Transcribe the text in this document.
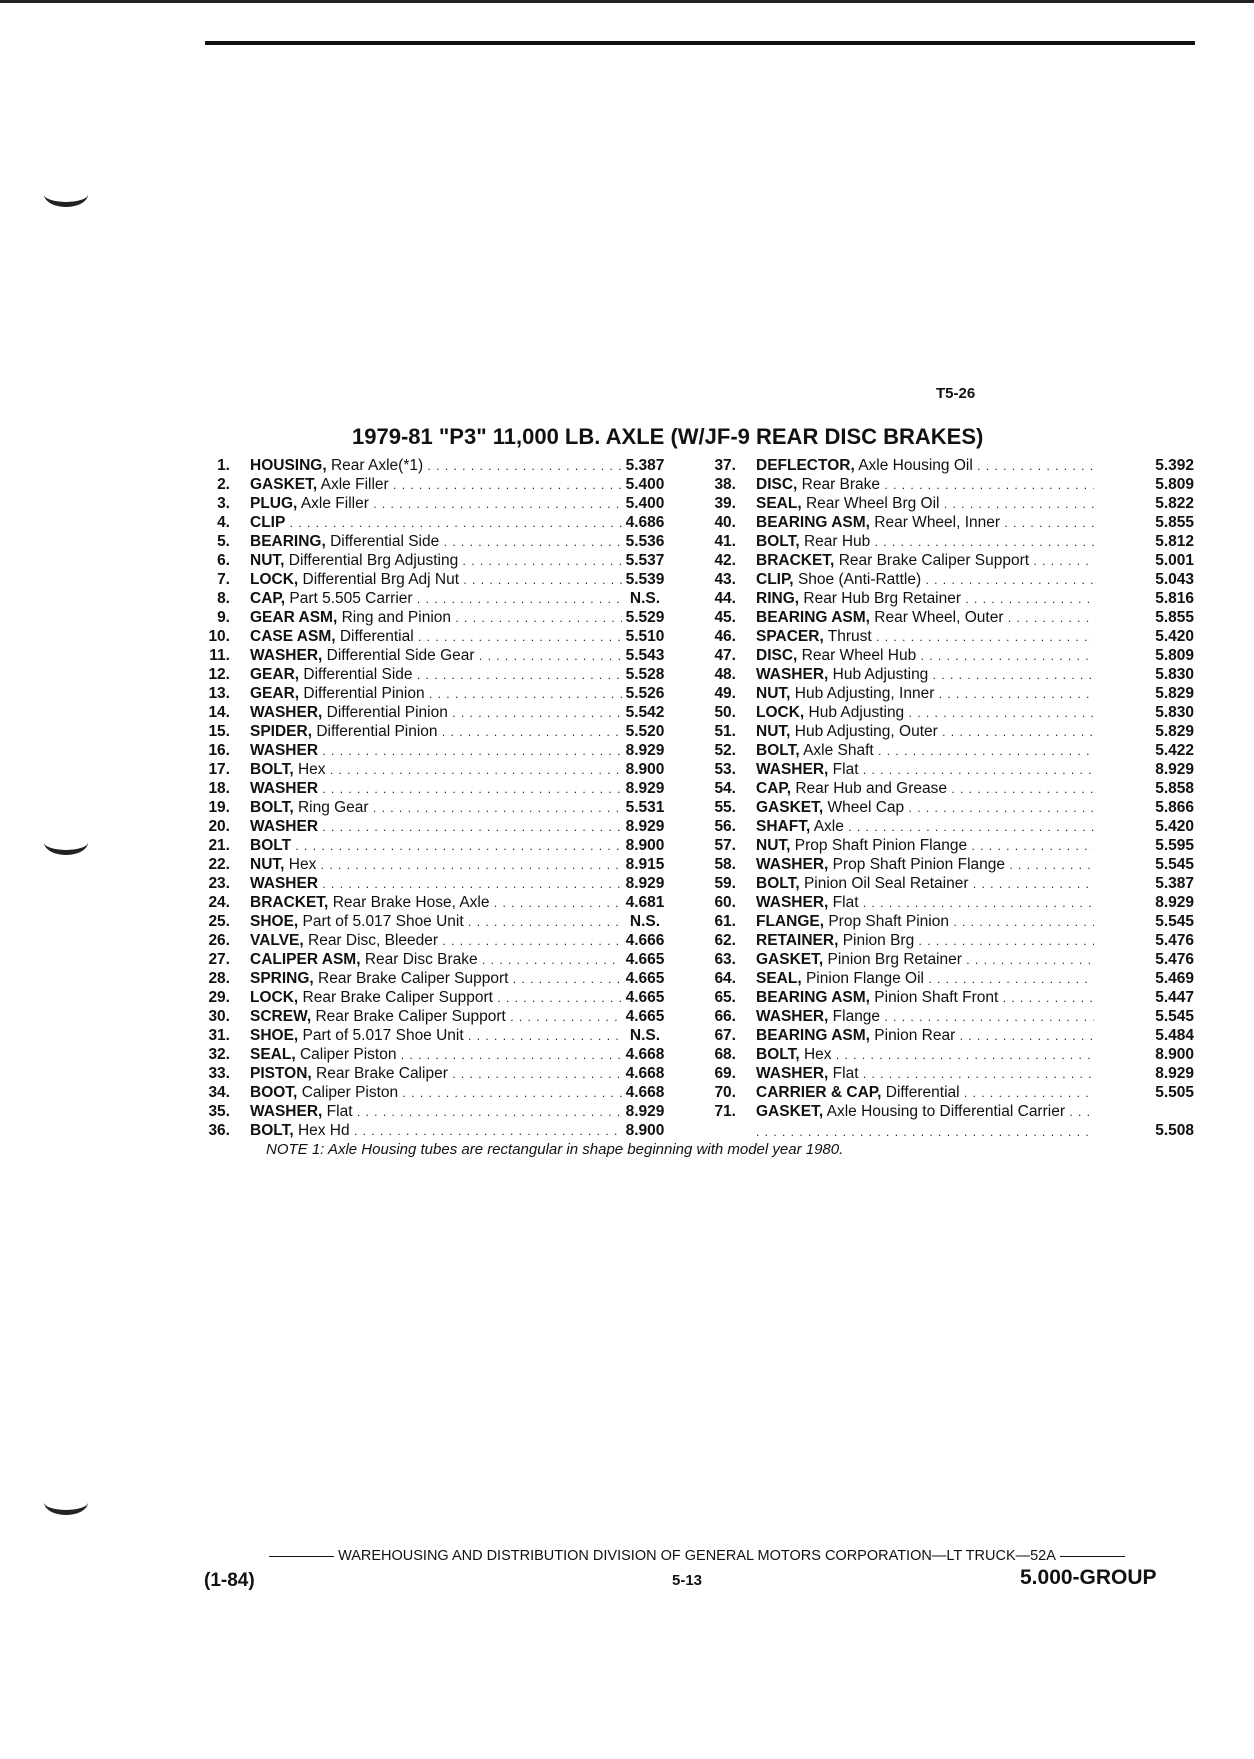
T5-26
1979-81 "P3" 11,000 LB. AXLE (W/JF-9 REAR DISC BRAKES)
1. HOUSING, Rear Axle(*1) . . .	5.387
2. GASKET, Axle Filler . . .	5.400
3. PLUG, Axle Filler . . .	5.400
4. CLIP . . .	4.686
5. BEARING, Differential Side . . .	5.536
6. NUT, Differential Brg Adjusting . . .	5.537
7. LOCK, Differential Brg Adj Nut . . .	5.539
8. CAP, Part 5.505 Carrier . . .	N.S.
9. GEAR ASM, Ring and Pinion . . .	5.529
10. CASE ASM, Differential . . .	5.510
11. WASHER, Differential Side Gear . . .	5.543
12. GEAR, Differential Side . . .	5.528
13. GEAR, Differential Pinion . . .	5.526
14. WASHER, Differential Pinion . . .	5.542
15. SPIDER, Differential Pinion . . .	5.520
16. WASHER . . .	8.929
17. BOLT, Hex . . .	8.900
18. WASHER . . .	8.929
19. BOLT, Ring Gear . . .	5.531
20. WASHER . . .	8.929
21. BOLT . . .	8.900
22. NUT, Hex . . .	8.915
23. WASHER . . .	8.929
24. BRACKET, Rear Brake Hose, Axle . . .	4.681
25. SHOE, Part of 5.017 Shoe Unit . . .	N.S.
26. VALVE, Rear Disc, Bleeder . . .	4.666
27. CALIPER ASM, Rear Disc Brake . . .	4.665
28. SPRING, Rear Brake Caliper Support . . .	4.665
29. LOCK, Rear Brake Caliper Support . . .	4.665
30. SCREW, Rear Brake Caliper Support . . .	4.665
31. SHOE, Part of 5.017 Shoe Unit . . .	N.S.
32. SEAL, Caliper Piston . . .	4.668
33. PISTON, Rear Brake Caliper . . .	4.668
34. BOOT, Caliper Piston . . .	4.668
35. WASHER, Flat . . .	8.929
36. BOLT, Hex Hd . . .	8.900
37. DEFLECTOR, Axle Housing Oil . . .	5.392
38. DISC, Rear Brake . . .	5.809
39. SEAL, Rear Wheel Brg Oil . . .	5.822
40. BEARING ASM, Rear Wheel, Inner . . .	5.855
41. BOLT, Rear Hub . . .	5.812
42. BRACKET, Rear Brake Caliper Support . . .	5.001
43. CLIP, Shoe (Anti-Rattle) . . .	5.043
44. RING, Rear Hub Brg Retainer . . .	5.816
45. BEARING ASM, Rear Wheel, Outer . . .	5.855
46. SPACER, Thrust . . .	5.420
47. DISC, Rear Wheel Hub . . .	5.809
48. WASHER, Hub Adjusting . . .	5.830
49. NUT, Hub Adjusting, Inner . . .	5.829
50. LOCK, Hub Adjusting . . .	5.830
51. NUT, Hub Adjusting, Outer . . .	5.829
52. BOLT, Axle Shaft . . .	5.422
53. WASHER, Flat . . .	8.929
54. CAP, Rear Hub and Grease . . .	5.858
55. GASKET, Wheel Cap . . .	5.866
56. SHAFT, Axle . . .	5.420
57. NUT, Prop Shaft Pinion Flange . . .	5.595
58. WASHER, Prop Shaft Pinion Flange . . .	5.545
59. BOLT, Pinion Oil Seal Retainer . . .	5.387
60. WASHER, Flat . . .	8.929
61. FLANGE, Prop Shaft Pinion . . .	5.545
62. RETAINER, Pinion Brg . . .	5.476
63. GASKET, Pinion Brg Retainer . . .	5.476
64. SEAL, Pinion Flange Oil . . .	5.469
65. BEARING ASM, Pinion Shaft Front . . .	5.447
66. WASHER, Flange . . .	5.545
67. BEARING ASM, Pinion Rear . . .	5.484
68. BOLT, Hex . . .	8.900
69. WASHER, Flat . . .	8.929
70. CARRIER & CAP, Differential . . .	5.505
71. GASKET, Axle Housing to Differential Carrier . . .
5.508
NOTE 1: Axle Housing tubes are rectangular in shape beginning with model year 1980.
WAREHOUSING AND DISTRIBUTION DIVISION OF GENERAL MOTORS CORPORATION—LT TRUCK—52A
(1-84)	5-13	5.000-GROUP
